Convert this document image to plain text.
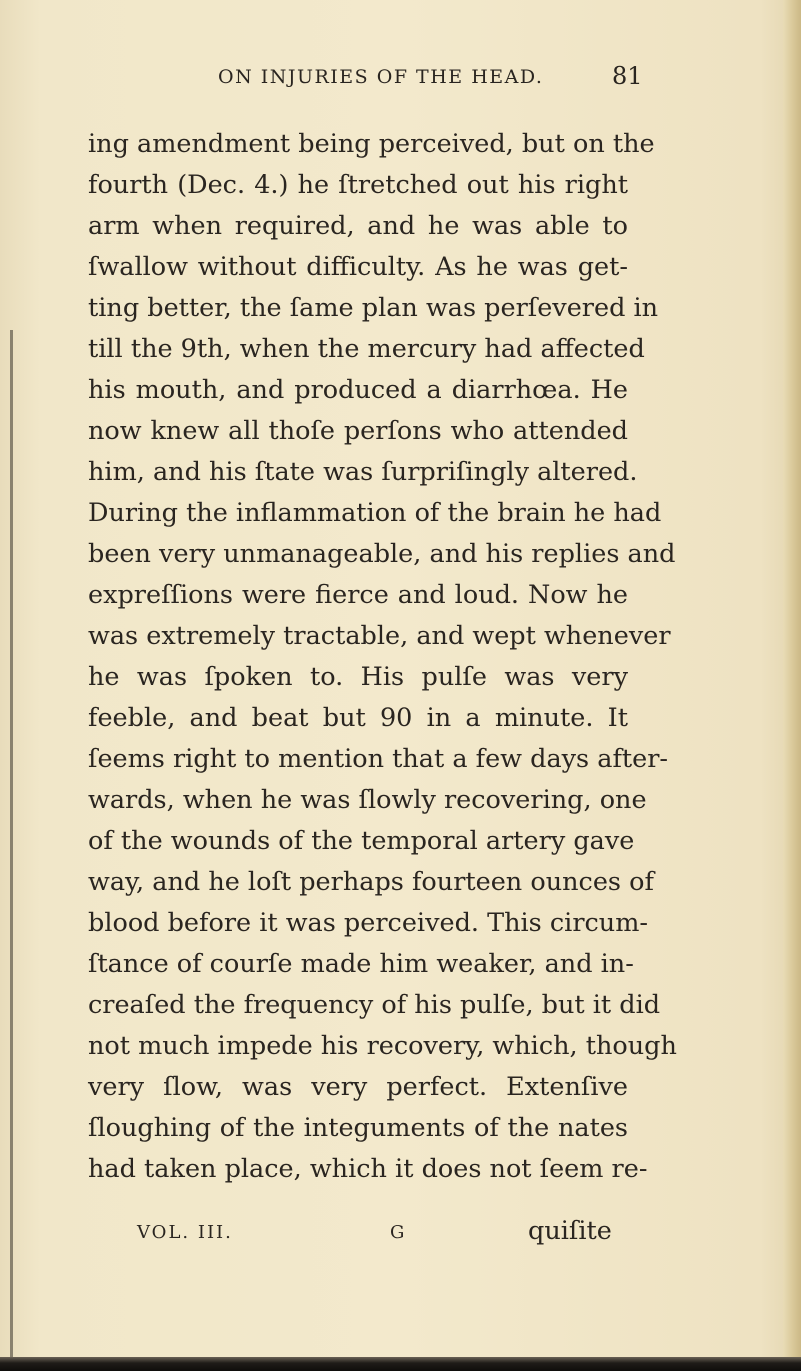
ON INJURIES OF THE HEAD.	81
ing amendment being perceived, but on the
fourth (Dec. 4.) he ſtretched out his right
arm when required, and he was able to
ſwallow without difficulty. As he was get-
ting better, the ſame plan was perſevered in
till the 9th, when the mercury had affected
his mouth, and produced a diarrhœa. He
now knew all thoſe perſons who attended
him, and his ſtate was ſurpriſingly altered.
During the inflammation of the brain he had
been very unmanageable, and his replies and
expreſſions were fierce and loud. Now he
was extremely tractable, and wept whenever
he was ſpoken to. His pulſe was very
feeble, and beat but 90 in a minute. It
ſeems right to mention that a few days after-
wards, when he was ſlowly recovering, one
of the wounds of the temporal artery gave
way, and he loſt perhaps fourteen ounces of
blood before it was perceived. This circum-
ſtance of courſe made him weaker, and in-
creaſed the frequency of his pulſe, but it did
not much impede his recovery, which, though
very ſlow, was very perfect. Extenſive
ſloughing of the integuments of the nates
had taken place, which it does not ſeem re-
VOL. III.	G	quiſite
